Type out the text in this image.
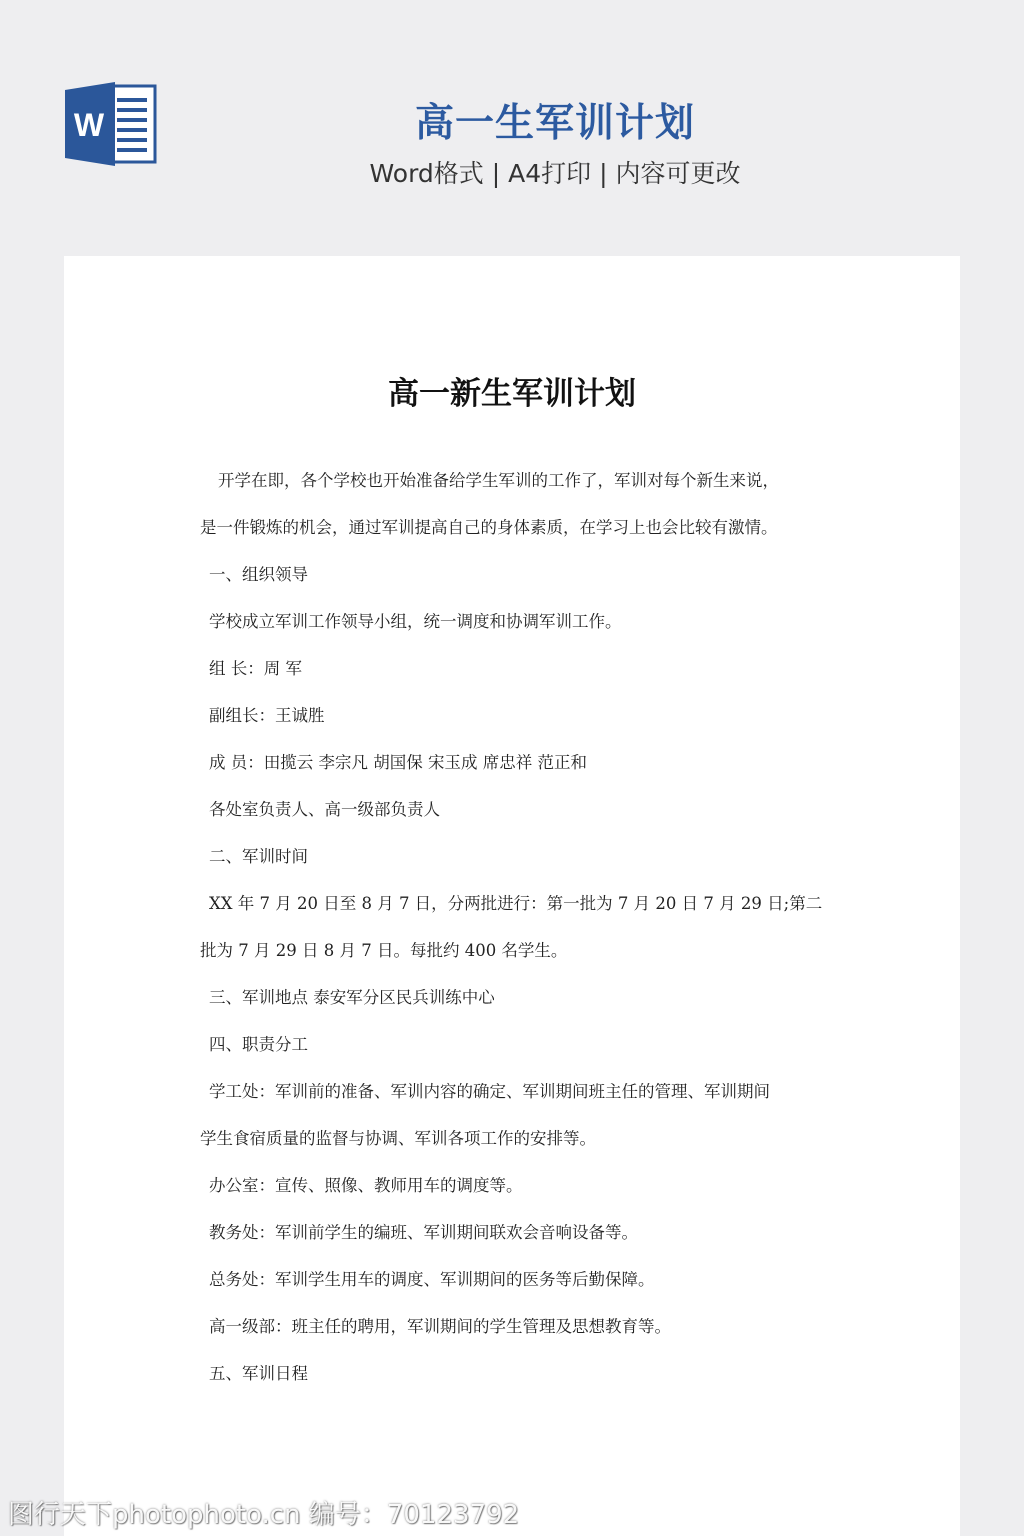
W	高一生军训计划
Word格式 | A4打印 | 内容可更改
高一新生军训计划
开学在即，各个学校也开始准备给学生军训的工作了，军训对每个新生来说，
是一件锻炼的机会，通过军训提高自己的身体素质，在学习上也会比较有激情。
一、组织领导
学校成立军训工作领导小组，统一调度和协调军训工作。
组 长：周 军
副组长：王诚胜
成 员：田揽云 李宗凡 胡国保 宋玉成 席忠祥 范正和
各处室负责人、高一级部负责人
二、军训时间
XX 年 7 月 20 日至 8 月 7 日，分两批进行：第一批为 7 月 20 日 7 月 29 日;第二
批为 7 月 29 日 8 月 7 日。每批约 400 名学生。
三、军训地点 泰安军分区民兵训练中心
四、职责分工
学工处：军训前的准备、军训内容的确定、军训期间班主任的管理、军训期间
学生食宿质量的监督与协调、军训各项工作的安排等。
办公室：宣传、照像、教师用车的调度等。
教务处：军训前学生的编班、军训期间联欢会音响设备等。
总务处：军训学生用车的调度、军训期间的医务等后勤保障。
高一级部：班主任的聘用，军训期间的学生管理及思想教育等。
五、军训日程
图行天下photophoto.cn 编号：70123792
